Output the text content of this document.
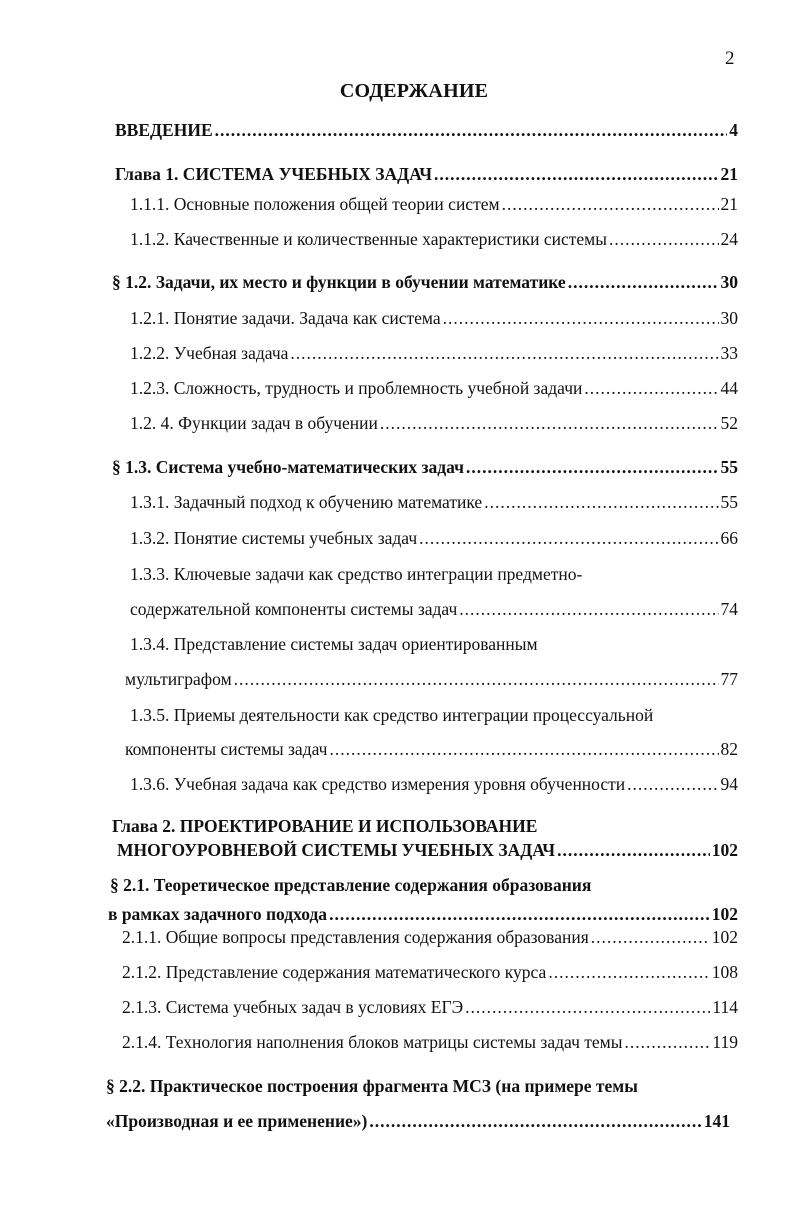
2
СОДЕРЖАНИЕ
ВВЕДЕНИЕ .....	4
Глава 1. СИСТЕМА УЧЕБНЫХ ЗАДАЧ .....	21
1.1.1. Основные положения общей теории систем .....	21
1.1.2. Качественные и количественные характеристики системы .....	24
§ 1.2. Задачи, их место и функции в обучении математике .....	30
1.2.1. Понятие задачи. Задача как система .....	30
1.2.2. Учебная задача .....	33
1.2.3. Сложность, трудность и проблемность учебной задачи .....	44
1.2. 4. Функции задач в обучении .....	52
§ 1.3. Система учебно-математических задач .....	55
1.3.1. Задачный подход к обучению математике .....	55
1.3.2. Понятие системы учебных задач .....	66
1.3.3. Ключевые задачи как средство интеграции предметно-
содержательной компоненты системы задач .....	74
1.3.4. Представление системы задач ориентированным
мультиграфом .....	77
1.3.5. Приемы деятельности как средство интеграции процессуальной
компоненты системы задач .....	82
1.3.6. Учебная задача как средство измерения уровня обученности .....	94
Глава 2. ПРОЕКТИРОВАНИЕ И ИСПОЛЬЗОВАНИЕ
МНОГОУРОВНЕВОЙ СИСТЕМЫ УЧЕБНЫХ ЗАДАЧ .....	102
§ 2.1. Теоретическое представление содержания образования
в рамках задачного подхода .....	102
2.1.1. Общие вопросы представления содержания образования .....	102
2.1.2. Представление содержания математического курса .....	108
2.1.3. Система учебных задач в условиях ЕГЭ .....	114
2.1.4. Технология наполнения блоков матрицы системы задач темы .....	119
§ 2.2. Практическое построения фрагмента МСЗ (на примере темы
«Производная и ее применение») .....	141
